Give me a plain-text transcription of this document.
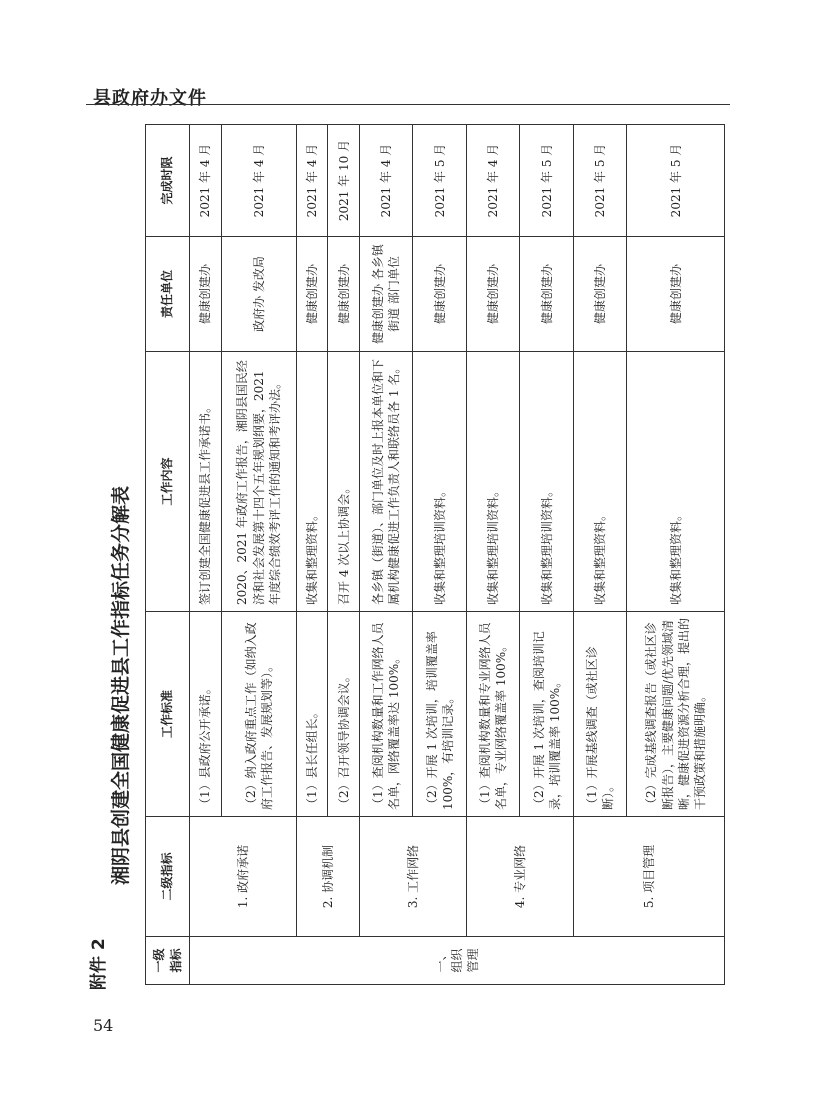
县政府办文件
54
附件 2
湘阴县创建全国健康促进县工作指标任务分解表
一级指标	二级指标	工作标准	工作内容	责任单位	完成时限
一、组织管理	1. 政府承诺	（1）县政府公开承诺。	签订创建全国健康促进县工作承诺书。	健康创建办	2021 年 4 月
		（2）纳入政府重点工作（如纳入政府工作报告、发展规划等）。	2020、2021 年政府工作报告，湘阴县国民经济和社会发展第十四个五年规划纲要，2021 年度综合绩效考评工作的通知和考评办法。	政府办 发改局	2021 年 4 月
	2. 协调机制	（1）县长任组长。	收集和整理资料。	健康创建办	2021 年 4 月
		（2）召开领导协调会议。	召开 4 次以上协调会。	健康创建办	2021 年 10 月
	3. 工作网络	（1）查阅机构数量和工作网络人员名单，网络覆盖率达 100%。	各乡镇（街道）、部门单位及时上报本单位和下属机构健康促进工作负责人和联络员各 1 名。	健康创建办 各乡镇街道 部门单位	2021 年 4 月
		（2）开展 1 次培训，培训覆盖率 100%，有培训记录。	收集和整理培训资料。	健康创建办	2021 年 5 月
	4. 专业网络	（1）查阅机构数量和专业网络人员名单，专业网络覆盖率 100%。	收集和整理培训资料。	健康创建办	2021 年 4 月
		（2）开展 1 次培训，查阅培训记录，培训覆盖率 100%。	收集和整理培训资料。	健康创建办	2021 年 5 月
	5. 项目管理	（1）开展基线调查（或社区诊断）。	收集和整理资料。	健康创建办	2021 年 5 月
		（2）完成基线调查报告（或社区诊断报告），主要健康问题/优先领域清晰，健康促进资源分析合理，提出的干预政策和措施明确。	收集和整理资料。	健康创建办	2021 年 5 月
